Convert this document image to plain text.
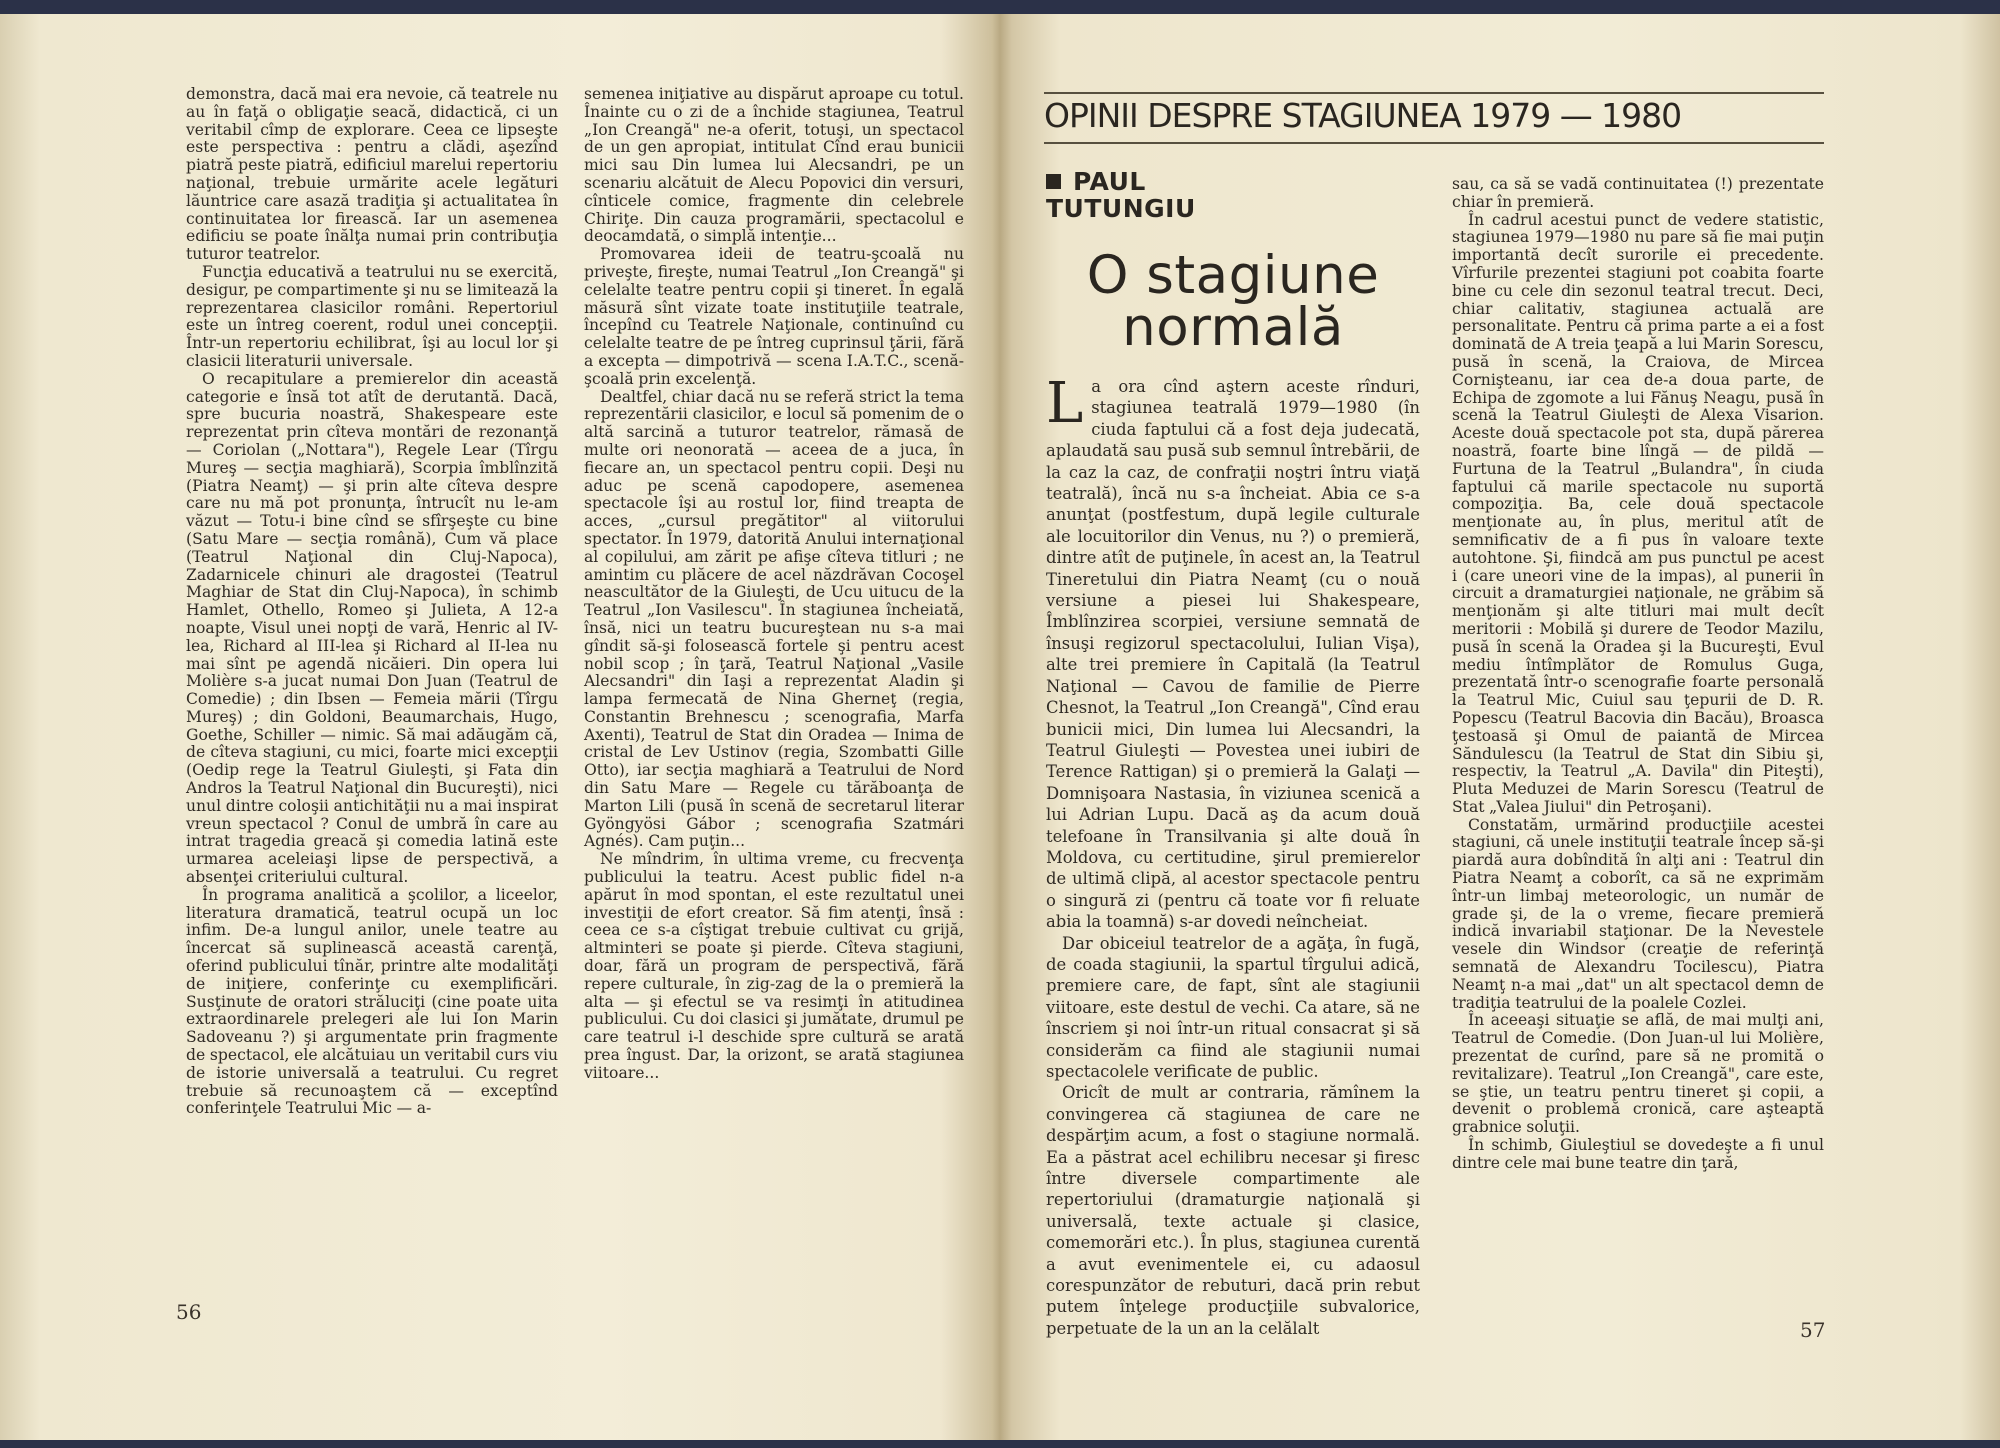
demonstra, dacă mai era nevoie, că teatrele nu au în faţă o obligaţie seacă, didactică, ci un veritabil cîmp de explorare. Ceea ce lipseşte este perspectiva : pentru a clădi, aşezînd piatră peste piatră, edificiul marelui repertoriu naţional, trebuie urmărite acele legături lăuntrice care asază tradiţia şi actualitatea în continuitatea lor firească. Iar un asemenea edificiu se poate înălţa numai prin contribuţia tuturor teatrelor.

Funcţia educativă a teatrului nu se exercită, desigur, pe compartimente şi nu se limitează la reprezentarea clasicilor români. Repertoriul este un întreg coerent, rodul unei concepţii. Într-un repertoriu echilibrat, îşi au locul lor şi clasicii literaturii universale.

O recapitulare a premierelor din această categorie e însă tot atît de derutantă. Dacă, spre bucuria noastră, Shakespeare este reprezentat prin cîteva montări de rezonanţă — Coriolan („Nottara"), Regele Lear (Tîrgu Mureş — secţia maghiară), Scorpia îmblînzită (Piatra Neamţ) — şi prin alte cîteva despre care nu mă pot pronunţa, întrucît nu le-am văzut — Totu-i bine cînd se sfîrşeşte cu bine (Satu Mare — secţia română), Cum vă place (Teatrul Naţional din Cluj-Napoca), Zadarnicele chinuri ale dragostei (Teatrul Maghiar de Stat din Cluj-Napoca), în schimb Hamlet, Othello, Romeo şi Julieta, A 12-a noapte, Visul unei nopţi de vară, Henric al IV-lea, Richard al III-lea şi Richard al II-lea nu mai sînt pe agendă nicăieri. Din opera lui Molière s-a jucat numai Don Juan (Teatrul de Comedie) ; din Ibsen — Femeia mării (Tîrgu Mureş) ; din Goldoni, Beaumarchais, Hugo, Goethe, Schiller — nimic. Să mai adăugăm că, de cîteva stagiuni, cu mici, foarte mici excepţii (Oedip rege la Teatrul Giuleşti, şi Fata din Andros la Teatrul Naţional din Bucureşti), nici unul dintre coloşii antichităţii nu a mai inspirat vreun spectacol ? Conul de umbră în care au intrat tragedia greacă şi comedia latină este urmarea aceleiaşi lipse de perspectivă, a absenţei criteriului cultural.

În programa analitică a şcolilor, a liceelor, literatura dramatică, teatrul ocupă un loc infim. De-a lungul anilor, unele teatre au încercat să suplinească această carenţă, oferind publicului tînăr, printre alte modalităţi de iniţiere, conferinţe cu exemplificări. Susţinute de oratori străluciţi (cine poate uita extraordinarele prelegeri ale lui Ion Marin Sadoveanu ?) şi argumentate prin fragmente de spectacol, ele alcătuiau un veritabil curs viu de istorie universală a teatrului. Cu regret trebuie să recunoaştem că — exceptînd conferinţele Teatrului Mic — a-

semenea iniţiative au dispărut aproape cu totul. Înainte cu o zi de a închide stagiunea, Teatrul „Ion Creangă" ne-a oferit, totuşi, un spectacol de un gen apropiat, intitulat Cînd erau bunicii mici sau Din lumea lui Alecsandri, pe un scenariu alcătuit de Alecu Popovici din versuri, cînticele comice, fragmente din celebrele Chiriţe. Din cauza programării, spectacolul e deocamdată, o simplă intenţie...

Promovarea ideii de teatru-şcoală nu priveşte, fireşte, numai Teatrul „Ion Creangă" şi celelalte teatre pentru copii şi tineret. În egală măsură sînt vizate toate instituţiile teatrale, începînd cu Teatrele Naţionale, continuînd cu celelalte teatre de pe întreg cuprinsul ţării, fără a excepta — dimpotrivă — scena I.A.T.C., scenă-şcoală prin excelenţă.

Dealtfel, chiar dacă nu se referă strict la tema reprezentării clasicilor, e locul să pomenim de o altă sarcină a tuturor teatrelor, rămasă de multe ori neonorată — aceea de a juca, în fiecare an, un spectacol pentru copii. Deşi nu aduc pe scenă capodopere, asemenea spectacole îşi au rostul lor, fiind treapta de acces, „cursul pregătitor" al viitorului spectator. În 1979, datorită Anului internaţional al copilului, am zărit pe afişe cîteva titluri ; ne amintim cu plăcere de acel năzdrăvan Cocoşel neascultător de la Giuleşti, de Ucu uitucu de la Teatrul „Ion Vasilescu". În stagiunea încheiată, însă, nici un teatru bucureştean nu s-a mai gîndit să-şi folosească fortele şi pentru acest nobil scop ; în ţară, Teatrul Naţional „Vasile Alecsandri" din Iaşi a reprezentat Aladin şi lampa fermecată de Nina Gherneţ (regia, Constantin Brehnescu ; scenografia, Marfa Axenti), Teatrul de Stat din Oradea — Inima de cristal de Lev Ustinov (regia, Szombatti Gille Otto), iar secţia maghiară a Teatrului de Nord din Satu Mare — Regele cu tărăboanţa de Marton Lili (pusă în scenă de secretarul literar Gyöngyösi Gábor ; scenografia Szatmári Agnés). Cam puţin...

Ne mîndrim, în ultima vreme, cu frecvenţa publicului la teatru. Acest public fidel n-a apărut în mod spontan, el este rezultatul unei investiţii de efort creator. Să fim atenţi, însă : ceea ce s-a cîştigat trebuie cultivat cu grijă, altminteri se poate şi pierde. Cîteva stagiuni, doar, fără un program de perspectivă, fără repere culturale, în zig-zag de la o premieră la alta — şi efectul se va resimţi în atitudinea publicului. Cu doi clasici şi jumătate, drumul pe care teatrul i-l deschide spre cultură se arată prea îngust. Dar, la orizont, se arată stagiunea viitoare...

56
OPINII DESPRE STAGIUNEA 1979 — 1980
PAUL
TUTUNGIU
O stagiune
normală

La ora cînd aştern aceste rînduri, stagiunea teatrală 1979—1980 (în ciuda faptului că a fost deja judecată, aplaudată sau pusă sub semnul întrebării, de la caz la caz, de confraţii noştri întru viaţă teatrală), încă nu s-a încheiat. Abia ce s-a anunţat (postfestum, după legile culturale ale locuitorilor din Venus, nu ?) o premieră, dintre atît de puţinele, în acest an, la Teatrul Tineretului din Piatra Neamţ (cu o nouă versiune a piesei lui Shakespeare, Îmblînzirea scorpiei, versiune semnată de însuşi regizorul spectacolului, Iulian Vişa), alte trei premiere în Capitală (la Teatrul Naţional — Cavou de familie de Pierre Chesnot, la Teatrul „Ion Creangă", Cînd erau bunicii mici, Din lumea lui Alecsandri, la Teatrul Giuleşti — Povestea unei iubiri de Terence Rattigan) şi o premieră la Galaţi — Domnişoara Nastasia, în viziunea scenică a lui Adrian Lupu. Dacă aş da acum două telefoane în Transilvania şi alte două în Moldova, cu certitudine, şirul premierelor de ultimă clipă, al acestor spectacole pentru o singură zi (pentru că toate vor fi reluate abia la toamnă) s-ar dovedi neîncheiat.

Dar obiceiul teatrelor de a agăţa, în fugă, de coada stagiunii, la spartul tîrgului adică, premiere care, de fapt, sînt ale stagiunii viitoare, este destul de vechi. Ca atare, să ne înscriem şi noi într-un ritual consacrat şi să considerăm ca fiind ale stagiunii numai spectacolele verificate de public.

Oricît de mult ar contraria, rămînem la convingerea că stagiunea de care ne despărţim acum, a fost o stagiune normală. Ea a păstrat acel echilibru necesar şi firesc între diversele compartimente ale repertoriului (dramaturgie naţională şi universală, texte actuale şi clasice, comemorări etc.). În plus, stagiunea curentă a avut evenimentele ei, cu adaosul corespunzător de rebuturi, dacă prin rebut putem înţelege producţiile subvalorice, perpetuate de la un an la celălalt

sau, ca să se vadă continuitatea (!) prezentate chiar în premieră.

În cadrul acestui punct de vedere statistic, stagiunea 1979—1980 nu pare să fie mai puţin importantă decît surorile ei precedente. Vîrfurile prezentei stagiuni pot coabita foarte bine cu cele din sezonul teatral trecut. Deci, chiar calitativ, stagiunea actuală are personalitate. Pentru că prima parte a ei a fost dominată de A treia ţeapă a lui Marin Sorescu, pusă în scenă, la Craiova, de Mircea Cornişteanu, iar cea de-a doua parte, de Echipa de zgomote a lui Fănuş Neagu, pusă în scenă la Teatrul Giuleşti de Alexa Visarion. Aceste două spectacole pot sta, după părerea noastră, foarte bine lîngă — de pildă — Furtuna de la Teatrul „Bulandra", în ciuda faptului că marile spectacole nu suportă compoziţia. Ba, cele două spectacole menţionate au, în plus, meritul atît de semnificativ de a fi pus în valoare texte autohtone. Şi, fiindcă am pus punctul pe acest i (care uneori vine de la impas), al punerii în circuit a dramaturgiei naţionale, ne grăbim să menţionăm şi alte titluri mai mult decît meritorii : Mobilă şi durere de Teodor Mazilu, pusă în scenă la Oradea şi la Bucureşti, Evul mediu întîmplător de Romulus Guga, prezentată într-o scenografie foarte personală la Teatrul Mic, Cuiul sau ţepurii de D. R. Popescu (Teatrul Bacovia din Bacău), Broasca ţestoasă şi Omul de paiantă de Mircea Săndulescu (la Teatrul de Stat din Sibiu şi, respectiv, la Teatrul „A. Davila" din Piteşti), Pluta Meduzei de Marin Sorescu (Teatrul de Stat „Valea Jiului" din Petroşani).

Constatăm, urmărind producţiile acestei stagiuni, că unele instituţii teatrale încep să-şi piardă aura dobîndită în alţi ani : Teatrul din Piatra Neamţ a coborît, ca să ne exprimăm într-un limbaj meteorologic, un număr de grade şi, de la o vreme, fiecare premieră indică invariabil staţionar. De la Nevestele vesele din Windsor (creaţie de referinţă semnată de Alexandru Tocilescu), Piatra Neamţ n-a mai „dat" un alt spectacol demn de tradiţia teatrului de la poalele Cozlei.

În aceeaşi situaţie se află, de mai mulţi ani, Teatrul de Comedie. (Don Juan-ul lui Molière, prezentat de curînd, pare să ne promită o revitalizare). Teatrul „Ion Creangă", care este, se ştie, un teatru pentru tineret şi copii, a devenit o problemă cronică, care aşteaptă grabnice soluţii.

În schimb, Giuleştiul se dovedeşte a fi unul dintre cele mai bune teatre din ţară,

57
